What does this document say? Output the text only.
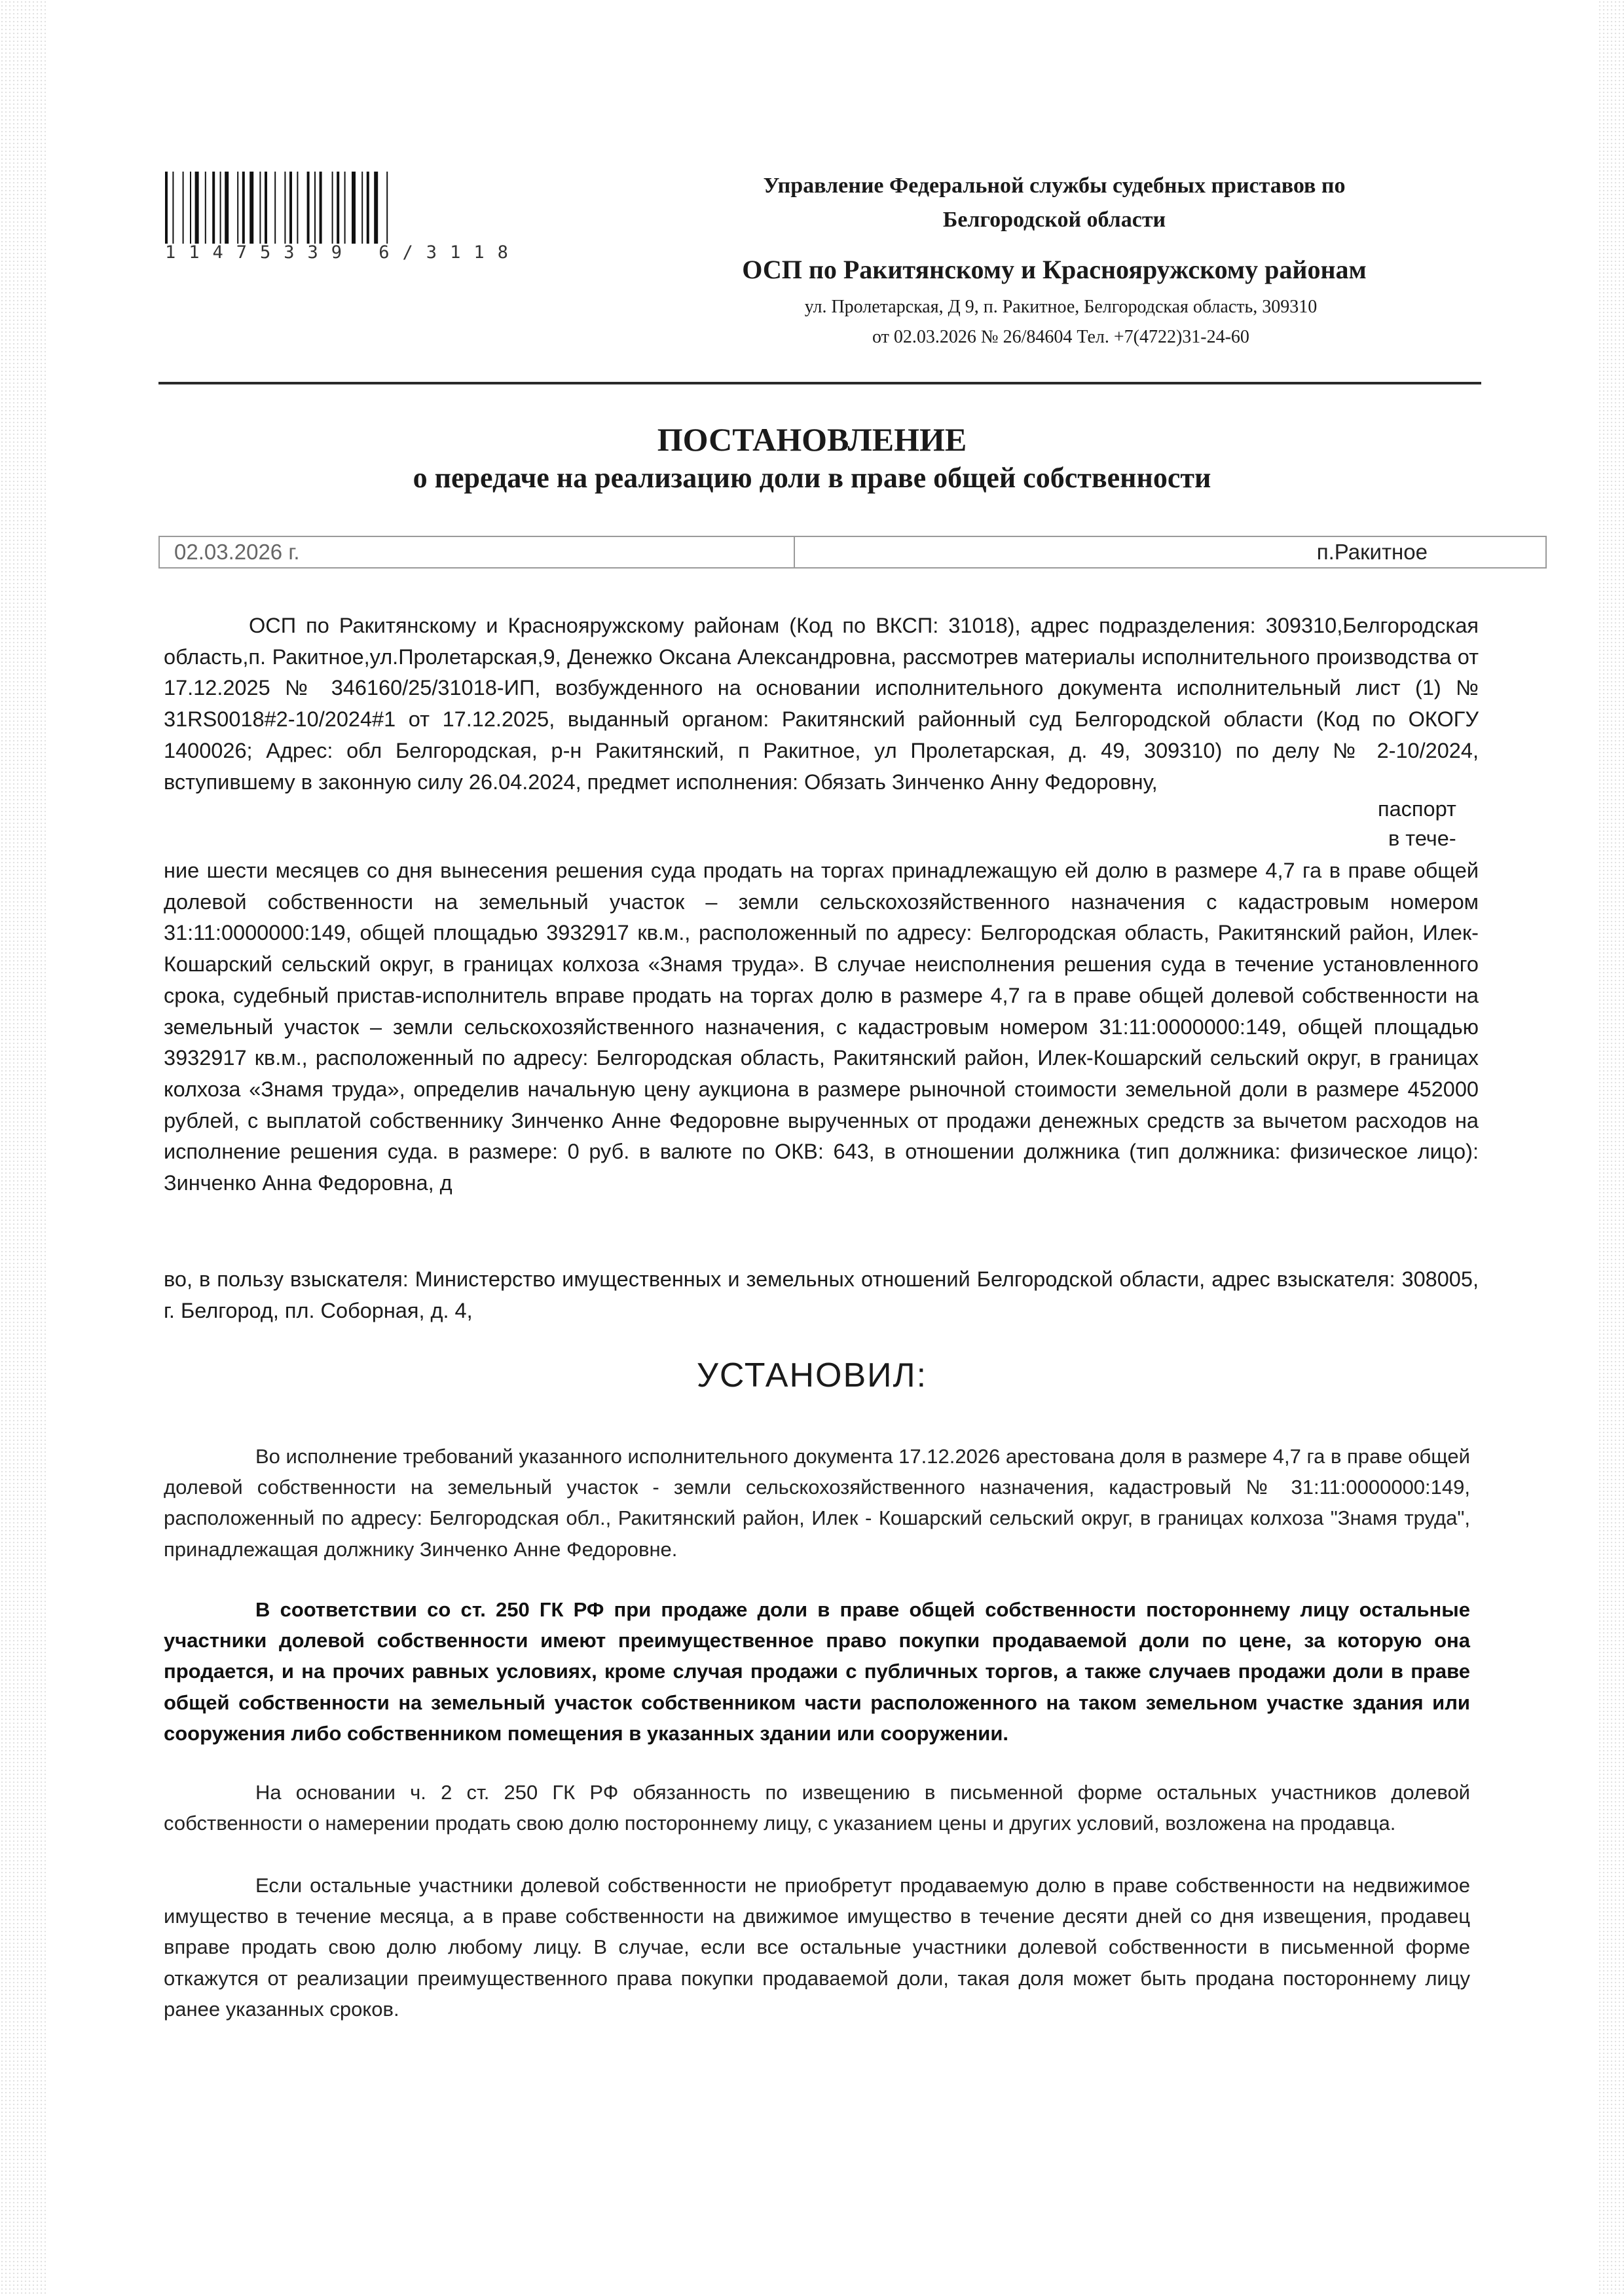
11475339 6/3118
Управление Федеральной службы судебных приставов по
Белгородской области
ОСП по Ракитянскому и Краснояружскому районам
ул. Пролетарская, Д 9, п. Ракитное, Белгородская область, 309310
от 02.03.2026 № 26/84604 Тел. +7(4722)31-24-60
ПОСТАНОВЛЕНИЕ
о передаче на реализацию доли в праве общей собственности
02.03.2026 г.	п.Ракитное

ОСП по Ракитянскому и Краснояружскому районам (Код по ВКСП: 31018), адрес подразделения: 309310,Белгородская область,п. Ракитное,ул.Пролетарская,9, Денежко Оксана Александровна, рассмотрев материалы исполнительного производства от 17.12.2025 № 346160/25/31018-ИП, возбужденного на основании исполнительного документа исполнительный лист (1) № 31RS0018#2-10/2024#1 от 17.12.2025, выданный органом: Ракитянский районный суд Белгородской области (Код по ОКОГУ 1400026; Адрес: обл Белгородская, р-н Ракитянский, п Ракитное, ул Пролетарская, д. 49, 309310) по делу № 2-10/2024, вступившему в законную силу 26.04.2024, предмет исполнения: Обязать Зинченко Анну Федоровну,

паспорт
в тече-

ние шести месяцев со дня вынесения решения суда продать на торгах принадлежащую ей долю в размере 4,7 га в праве общей долевой собственности на земельный участок – земли сельскохозяйственного назначения с кадастровым номером 31:11:0000000:149, общей площадью 3932917 кв.м., расположенный по адресу: Белгородская область, Ракитянский район, Илек-Кошарский сельский округ, в границах колхоза «Знамя труда». В случае неисполнения решения суда в течение установленного срока, судебный пристав-исполнитель вправе продать на торгах долю в размере 4,7 га в праве общей долевой собственности на земельный участок – земли сельскохозяйственного назначения, с кадастровым номером 31:11:0000000:149, общей площадью 3932917 кв.м., расположенный по адресу: Белгородская область, Ракитянский район, Илек-Кошарский сельский округ, в границах колхоза «Знамя труда», определив начальную цену аукциона в размере рыночной стоимости земельной доли в размере 452000 рублей, с выплатой собственнику Зинченко Анне Федоровне вырученных от продажи денежных средств за вычетом расходов на исполнение решения суда. в размере: 0 руб. в валюте по ОКВ: 643, в отношении должника (тип должника: физическое лицо): Зинченко Анна Федоровна, д

во, в пользу взыскателя: Министерство имущественных и земельных отношений Белгородской области, адрес взыскателя: 308005, г. Белгород, пл. Соборная, д. 4,

УСТАНОВИЛ:

Во исполнение требований указанного исполнительного документа 17.12.2026 арестована доля в размере 4,7 га в праве общей долевой собственности на земельный участок - земли сельскохозяйственного назначения, кадастровый № 31:11:0000000:149, расположенный по адресу: Белгородская обл., Ракитянский район, Илек - Кошарский сельский округ, в границах колхоза "Знамя труда", принадлежащая должнику Зинченко Анне Федоровне.

В соответствии со ст. 250 ГК РФ при продаже доли в праве общей собственности постороннему лицу остальные участники долевой собственности имеют преимущественное право покупки продаваемой доли по цене, за которую она продается, и на прочих равных условиях, кроме случая продажи с публичных торгов, а также случаев продажи доли в праве общей собственности на земельный участок собственником части расположенного на таком земельном участке здания или сооружения либо собственником помещения в указанных здании или сооружении.

На основании ч. 2 ст. 250 ГК РФ обязанность по извещению в письменной форме остальных участников долевой собственности о намерении продать свою долю постороннему лицу, с указанием цены и других условий, возложена на продавца.

Если остальные участники долевой собственности не приобретут продаваемую долю в праве собственности на недвижимое имущество в течение месяца, а в праве собственности на движимое имущество в течение десяти дней со дня извещения, продавец вправе продать свою долю любому лицу. В случае, если все остальные участники долевой собственности в письменной форме откажутся от реализации преимущественного права покупки продаваемой доли, такая доля может быть продана постороннему лицу ранее указанных сроков.
